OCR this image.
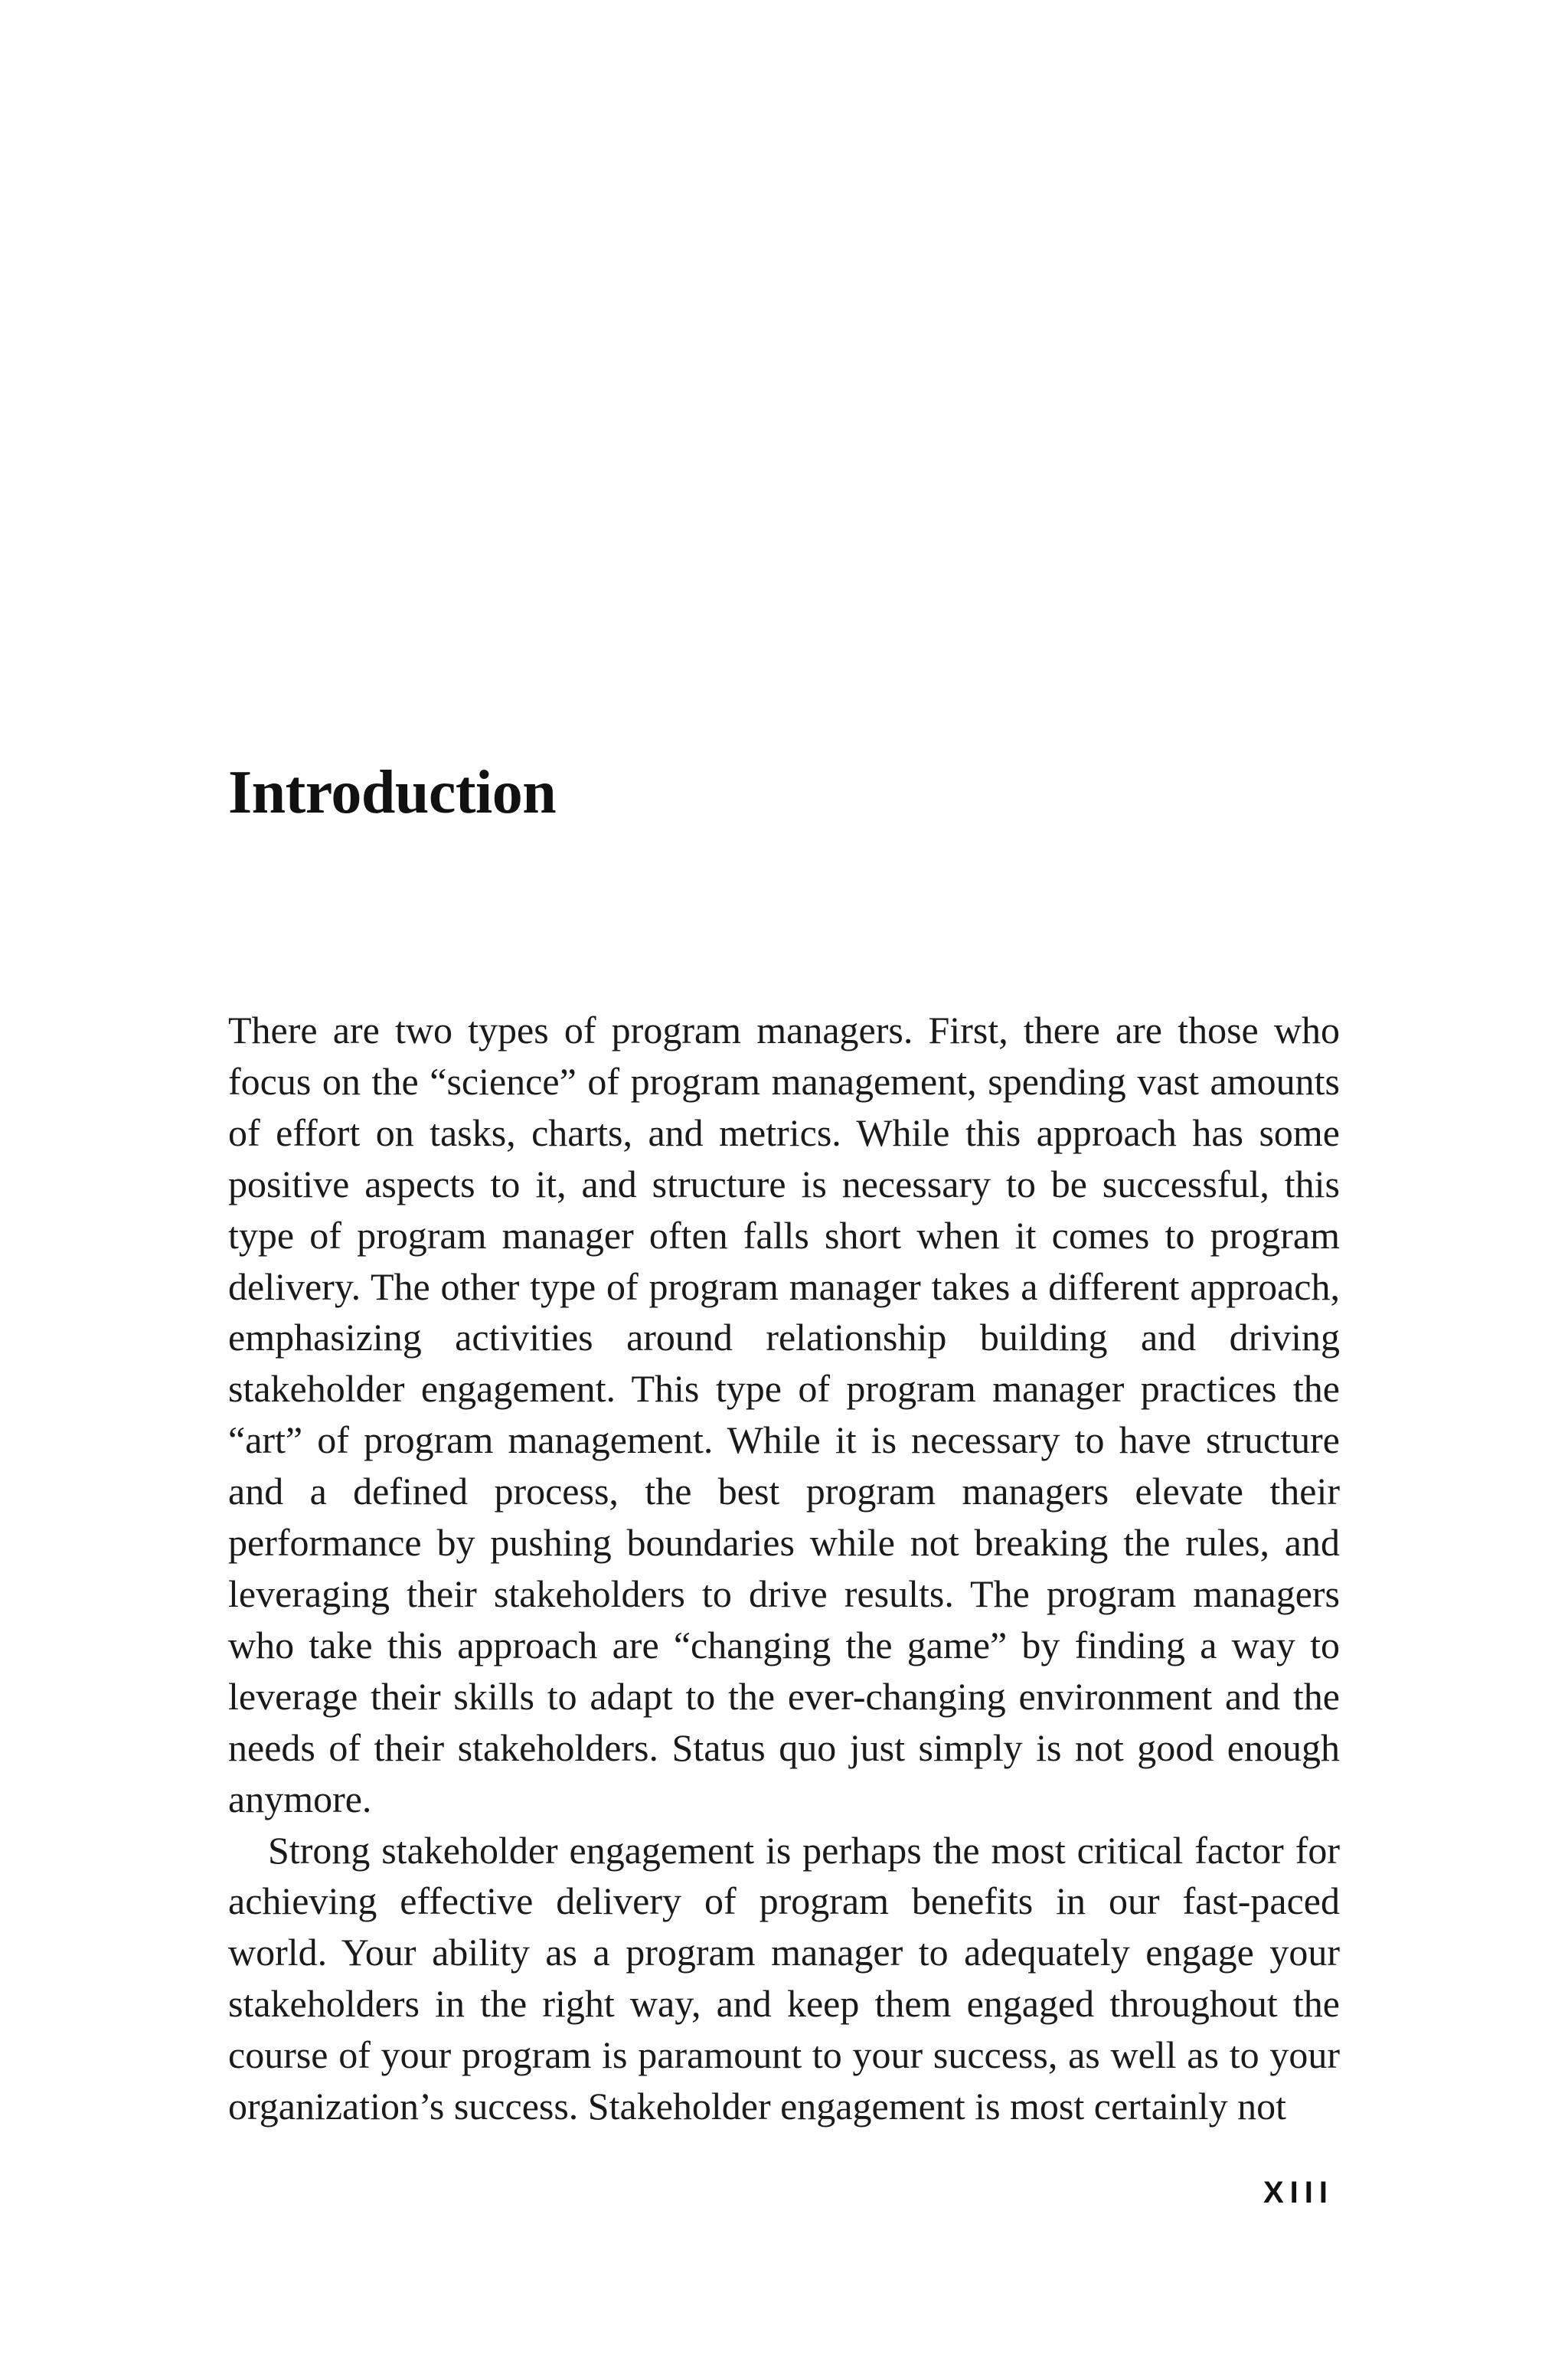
Introduction

There are two types of program managers. First, there are those who focus on the “science” of program management, spending vast amounts of effort on tasks, charts, and metrics. While this approach has some positive aspects to it, and structure is necessary to be successful, this type of program manager often falls short when it comes to program delivery. The other type of program manager takes a different approach, emphasizing activities around relationship building and driving stakeholder engagement. This type of program manager practices the “art” of program management. While it is necessary to have structure and a defined process, the best program managers elevate their performance by pushing boundaries while not breaking the rules, and leveraging their stakeholders to drive results. The program managers who take this approach are “changing the game” by finding a way to leverage their skills to adapt to the ever-changing environment and the needs of their stakeholders. Status quo just simply is not good enough anymore.

Strong stakeholder engagement is perhaps the most critical factor for achieving effective delivery of program benefits in our fast-paced world. Your ability as a program manager to adequately engage your stakeholders in the right way, and keep them engaged throughout the course of your program is paramount to your success, as well as to your organization’s success. Stakeholder engagement is most certainly not

XIII
